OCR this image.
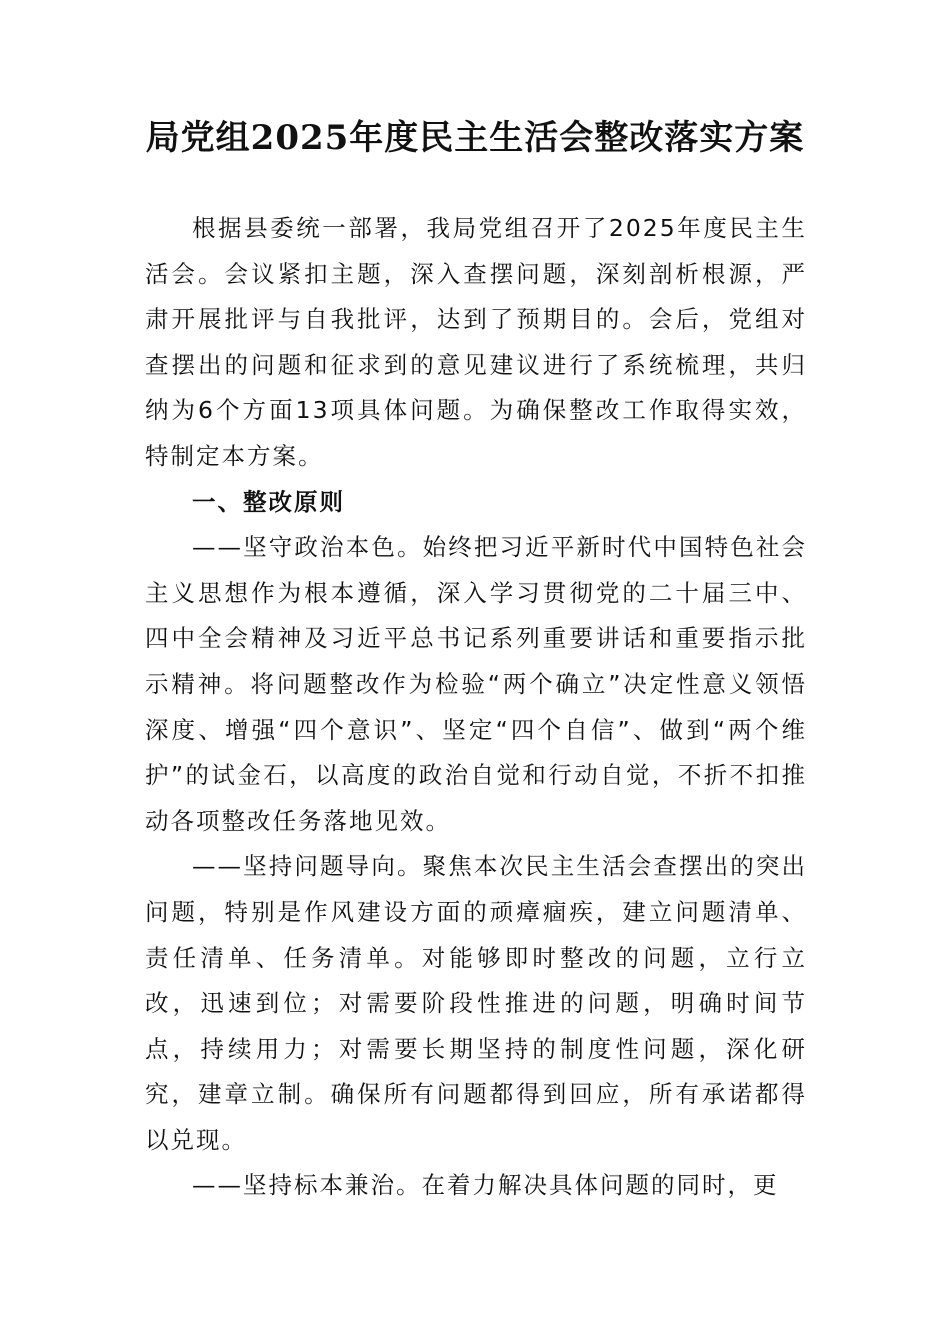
局党组2025年度民主生活会整改落实方案

根据县委统一部署，我局党组召开了2025年度民主生活会。会议紧扣主题，深入查摆问题，深刻剖析根源，严肃开展批评与自我批评，达到了预期目的。会后，党组对查摆出的问题和征求到的意见建议进行了系统梳理，共归纳为6个方面13项具体问题。为确保整改工作取得实效，特制定本方案。

一、整改原则

——坚守政治本色。始终把习近平新时代中国特色社会主义思想作为根本遵循，深入学习贯彻党的二十届三中、四中全会精神及习近平总书记系列重要讲话和重要指示批示精神。将问题整改作为检验“两个确立”决定性意义领悟深度、增强“四个意识”、坚定“四个自信”、做到“两个维护”的试金石，以高度的政治自觉和行动自觉，不折不扣推动各项整改任务落地见效。

——坚持问题导向。聚焦本次民主生活会查摆出的突出问题，特别是作风建设方面的顽瘴痼疾，建立问题清单、责任清单、任务清单。对能够即时整改的问题，立行立改，迅速到位；对需要阶段性推进的问题，明确时间节点，持续用力；对需要长期坚持的制度性问题，深化研究，建章立制。确保所有问题都得到回应，所有承诺都得以兑现。

——坚持标本兼治。在着力解决具体问题的同时，更
